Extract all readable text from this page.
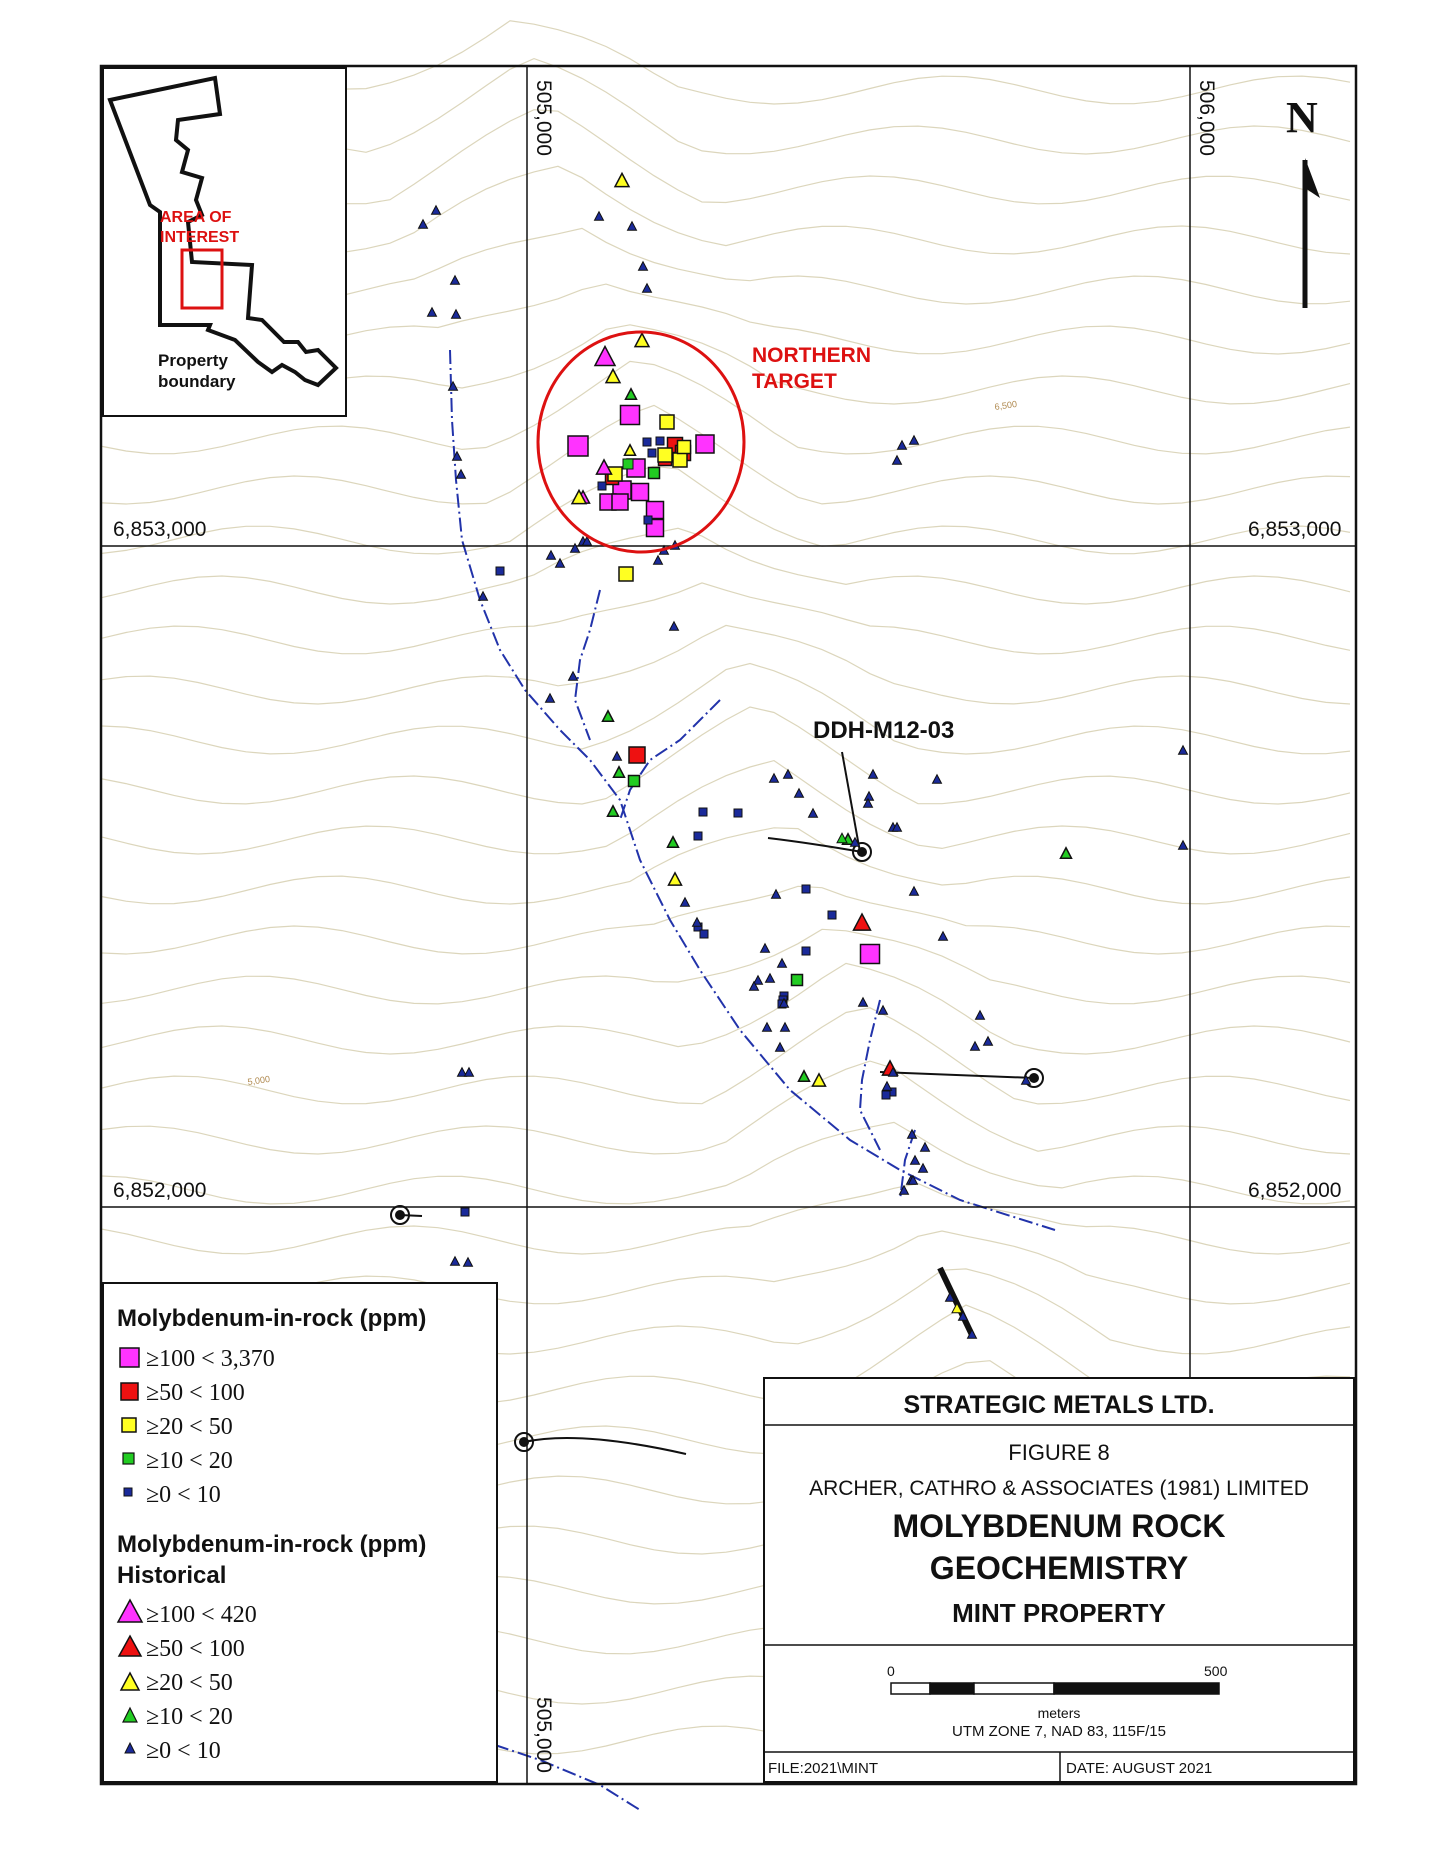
505,000	506,000
505,000
6,853,000	6,853,000
6,852,000	6,852,000
6,500
5,000
N
DDH-M12-03
NORTHERN
TARGET
AREA OF
INTEREST
Property
boundary
Molybdenum-in-rock (ppm)
≥100 < 3,370
≥50 < 100
≥20 < 50
≥10 < 20
≥0 < 10
Molybdenum-in-rock (ppm)
Historical
≥100 < 420
≥50 < 100
≥20 < 50
≥10 < 20
≥0 < 10
STRATEGIC METALS LTD.
FIGURE 8
ARCHER, CATHRO & ASSOCIATES (1981) LIMITED
MOLYBDENUM ROCK
GEOCHEMISTRY
MINT PROPERTY
0	500
meters
UTM ZONE 7, NAD 83, 115F/15
FILE:2021\MINT	DATE: AUGUST 2021
